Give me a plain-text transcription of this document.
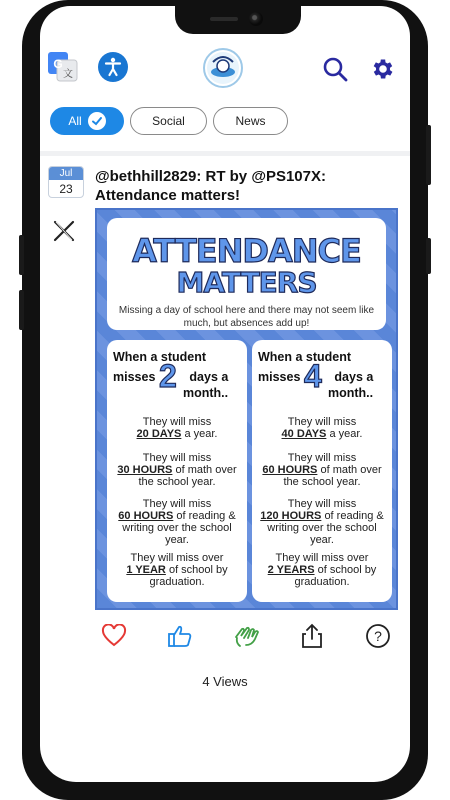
G
文
All	Social	News
Jul
23
@bethhill2829: RT by @PS107X: Attendance matters!
ATTENDANCE
MATTERS
Missing a day of school here and there may not seem like much, but absences add up!
When a student
misses	days a
month..
2
They will miss
20 DAYS a year.
They will miss
30 HOURS of math over the school year.
They will miss
60 HOURS of reading & writing over the school year.
They will miss over
1 YEAR of school by graduation.
When a student
misses	days a
month..
4
They will miss
40 DAYS a year.
They will miss
60 HOURS of math over the school year.
They will miss
120 HOURS of reading & writing over the school year.
They will miss over
2 YEARS of school by graduation.
?
4 Views
